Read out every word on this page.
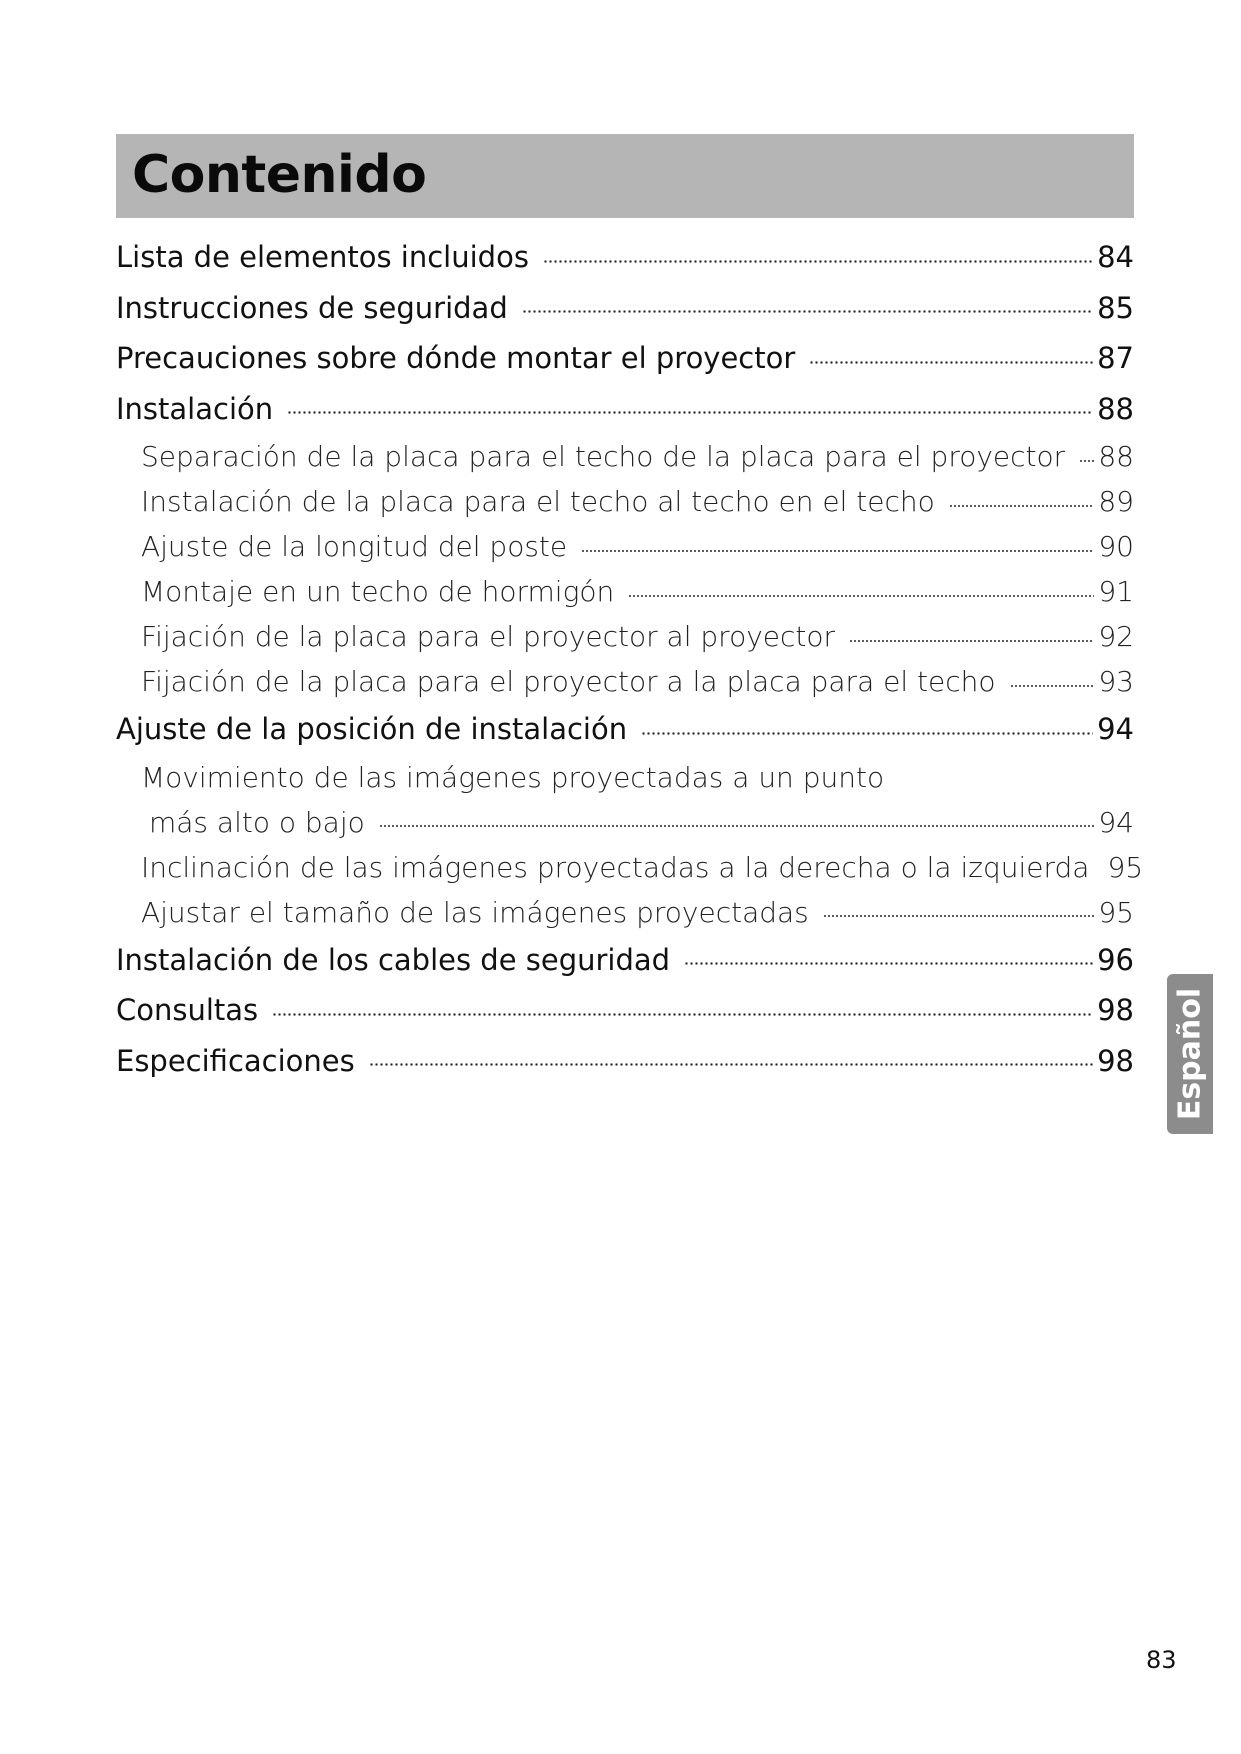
Contenido
Lista de elementos incluidos	84
Instrucciones de seguridad	85
Precauciones sobre dónde montar el proyector	87
Instalación	88
Separación de la placa para el techo de la placa para el proyector 88
Instalación de la placa para el techo al techo en el techo	89
Ajuste de la longitud del poste	90
Montaje en un techo de hormigón	91
Fijación de la placa para el proyector al proyector	92
Fijación de la placa para el proyector a la placa para el techo	93
Ajuste de la posición de instalación	94
Movimiento de las imágenes proyectadas a un punto
más alto o bajo	94
Inclinación de las imágenes proyectadas a la derecha o la izquierda 95
Ajustar el tamaño de las imágenes proyectadas	95
Instalación de los cables de seguridad	96
Consultas	98
Especificaciones	98 Español
83
